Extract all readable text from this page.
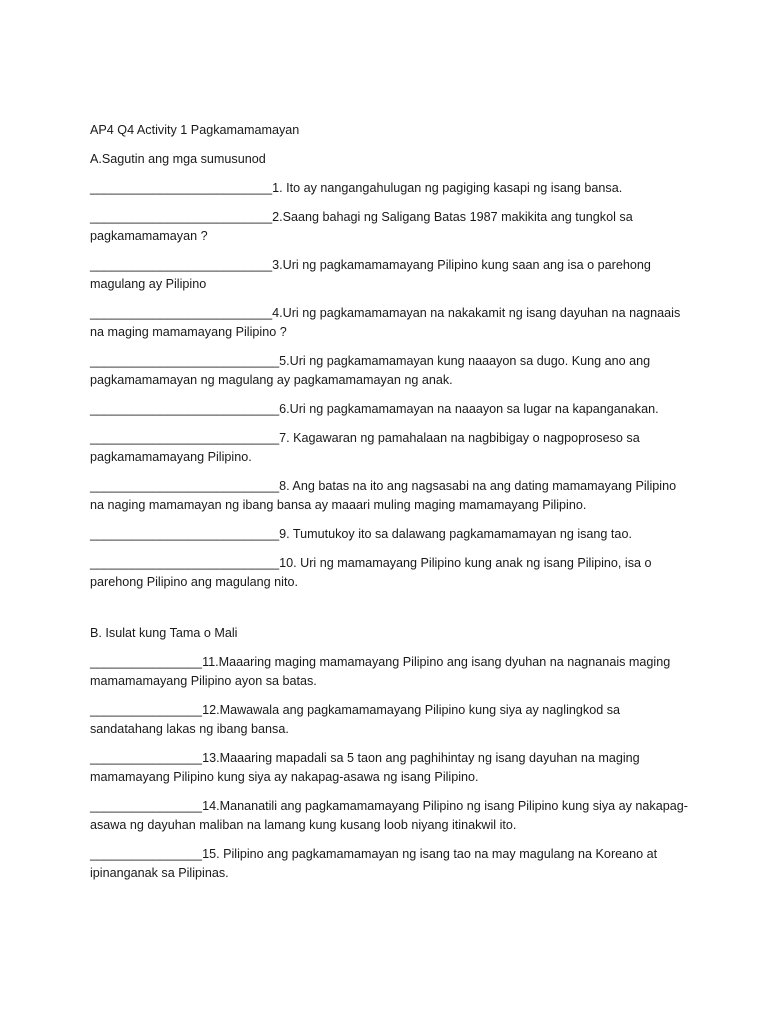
AP4 Q4 Activity 1 Pagkamamamayan
A.Sagutin ang mga sumusunod
__________________________1. Ito ay nangangahulugan ng pagiging kasapi ng isang bansa.
__________________________2.Saang bahagi ng Saligang Batas 1987 makikita ang tungkol sa pagkamamamayan ?
__________________________3.Uri ng pagkamamamayang Pilipino kung saan ang isa o parehong magulang ay Pilipino
__________________________4.Uri ng pagkamamamayan na nakakamit ng isang dayuhan na nagnaais na maging mamamayang Pilipino ?
___________________________5.Uri ng pagkamamamayan kung naaayon sa dugo. Kung ano ang pagkamamamayan ng magulang ay pagkamamamayan ng anak.
___________________________6.Uri ng pagkamamamayan na naaayon sa lugar na kapanganakan.
___________________________7. Kagawaran ng pamahalaan na nagbibigay o nagpoproseso sa pagkamamamayang Pilipino.
___________________________8. Ang batas na ito ang nagsasabi na ang dating mamamayang Pilipino na naging mamamayan ng ibang bansa ay maaari muling maging mamamayang Pilipino.
___________________________9. Tumutukoy ito sa dalawang pagkamamamayan ng isang tao.
___________________________10. Uri ng mamamayang Pilipino kung anak ng isang Pilipino, isa o parehong Pilipino ang magulang nito.
B. Isulat kung Tama o Mali
________________11.Maaaring maging mamamayang Pilipino ang isang dyuhan na nagnanais maging mamamamayang Pilipino ayon sa batas.
________________12.Mawawala ang pagkamamamayang Pilipino kung siya ay naglingkod sa sandatahang lakas ng ibang bansa.
________________13.Maaaring mapadali sa 5 taon ang paghihintay ng isang dayuhan na maging mamamayang Pilipino kung siya ay nakapag-asawa ng isang Pilipino.
________________14.Mananatili ang pagkamamamayang Pilipino ng isang Pilipino kung siya ay nakapag-asawa ng dayuhan maliban na lamang kung kusang loob niyang itinakwil ito.
________________15. Pilipino ang pagkamamamayan ng isang tao na may magulang na Koreano at ipinanganak sa Pilipinas.
